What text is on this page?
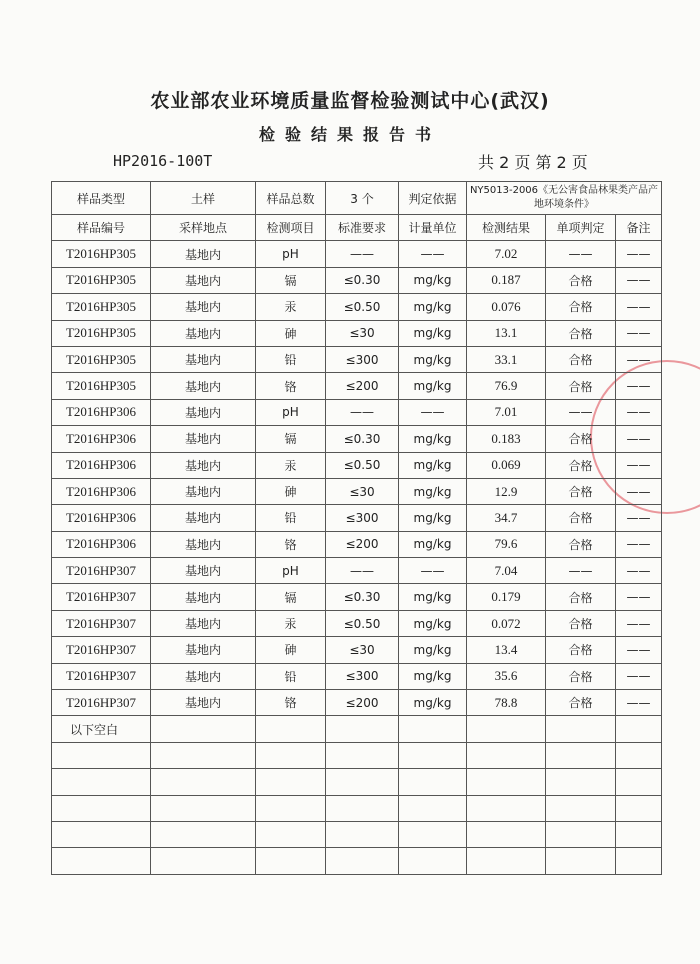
农业部农业环境质量监督检验测试中心(武汉)
检验结果报告书
HP2016-100T	共 2 页 第 2 页
样品类型	土样	样品总数	3 个	判定依据	NY5013-2006《无公害食品林果类产品产地环境条件》		
样品编号	采样地点	检测项目	标准要求	计量单位	检测结果	单项判定	备注
T2016HP305	基地内	pH	——	——	7.02	——	——
T2016HP305	基地内	镉	≤0.30	mg/kg	0.187	合格	——
T2016HP305	基地内	汞	≤0.50	mg/kg	0.076	合格	——
T2016HP305	基地内	砷	≤30	mg/kg	13.1	合格	——
T2016HP305	基地内	铅	≤300	mg/kg	33.1	合格	——
T2016HP305	基地内	铬	≤200	mg/kg	76.9	合格	——
T2016HP306	基地内	pH	——	——	7.01	——	——
T2016HP306	基地内	镉	≤0.30	mg/kg	0.183	合格	——
T2016HP306	基地内	汞	≤0.50	mg/kg	0.069	合格	——
T2016HP306	基地内	砷	≤30	mg/kg	12.9	合格	——
T2016HP306	基地内	铅	≤300	mg/kg	34.7	合格	——
T2016HP306	基地内	铬	≤200	mg/kg	79.6	合格	——
T2016HP307	基地内	pH	——	——	7.04	——	——
T2016HP307	基地内	镉	≤0.30	mg/kg	0.179	合格	——
T2016HP307	基地内	汞	≤0.50	mg/kg	0.072	合格	——
T2016HP307	基地内	砷	≤30	mg/kg	13.4	合格	——
T2016HP307	基地内	铅	≤300	mg/kg	35.6	合格	——
T2016HP307	基地内	铬	≤200	mg/kg	78.8	合格	——
以下空白							
